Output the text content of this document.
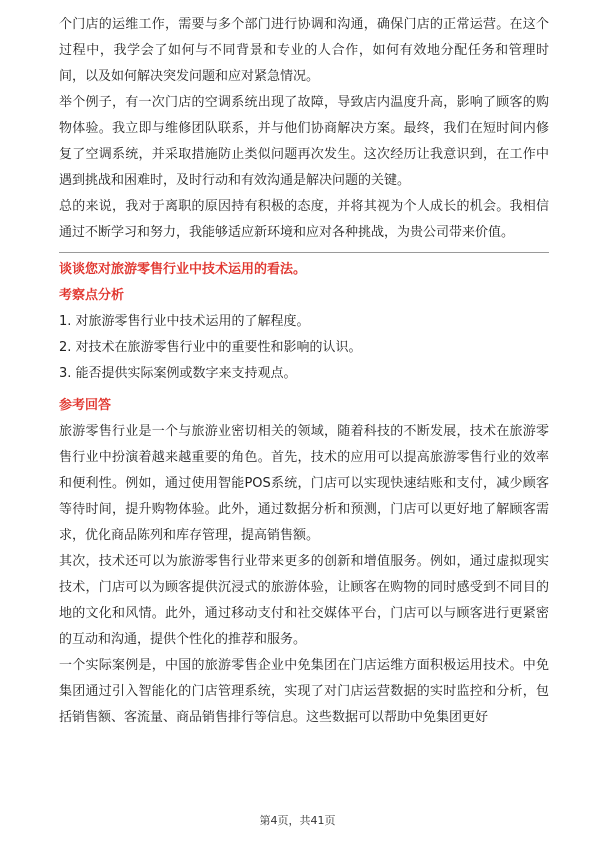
个门店的运维工作，需要与多个部门进行协调和沟通，确保门店的正常运营。在这个过程中，我学会了如何与不同背景和专业的人合作，如何有效地分配任务和管理时间，以及如何解决突发问题和应对紧急情况。

举个例子，有一次门店的空调系统出现了故障，导致店内温度升高，影响了顾客的购物体验。我立即与维修团队联系，并与他们协商解决方案。最终，我们在短时间内修复了空调系统，并采取措施防止类似问题再次发生。这次经历让我意识到，在工作中遇到挑战和困难时，及时行动和有效沟通是解决问题的关键。

总的来说，我对于离职的原因持有积极的态度，并将其视为个人成长的机会。我相信通过不断学习和努力，我能够适应新环境和应对各种挑战，为贵公司带来价值。

谈谈您对旅游零售行业中技术运用的看法。
考察点分析
1. 对旅游零售行业中技术运用的了解程度。
2. 对技术在旅游零售行业中的重要性和影响的认识。
3. 能否提供实际案例或数字来支持观点。
参考回答

旅游零售行业是一个与旅游业密切相关的领域，随着科技的不断发展，技术在旅游零售行业中扮演着越来越重要的角色。首先，技术的应用可以提高旅游零售行业的效率和便利性。例如，通过使用智能POS系统，门店可以实现快速结账和支付，减少顾客等待时间，提升购物体验。此外，通过数据分析和预测，门店可以更好地了解顾客需求，优化商品陈列和库存管理，提高销售额。

其次，技术还可以为旅游零售行业带来更多的创新和增值服务。例如，通过虚拟现实技术，门店可以为顾客提供沉浸式的旅游体验，让顾客在购物的同时感受到不同目的地的文化和风情。此外，通过移动支付和社交媒体平台，门店可以与顾客进行更紧密的互动和沟通，提供个性化的推荐和服务。

一个实际案例是，中国的旅游零售企业中免集团在门店运维方面积极运用技术。中免集团通过引入智能化的门店管理系统，实现了对门店运营数据的实时监控和分析，包括销售额、客流量、商品销售排行等信息。这些数据可以帮助中免集团更好

第4页，共41页
